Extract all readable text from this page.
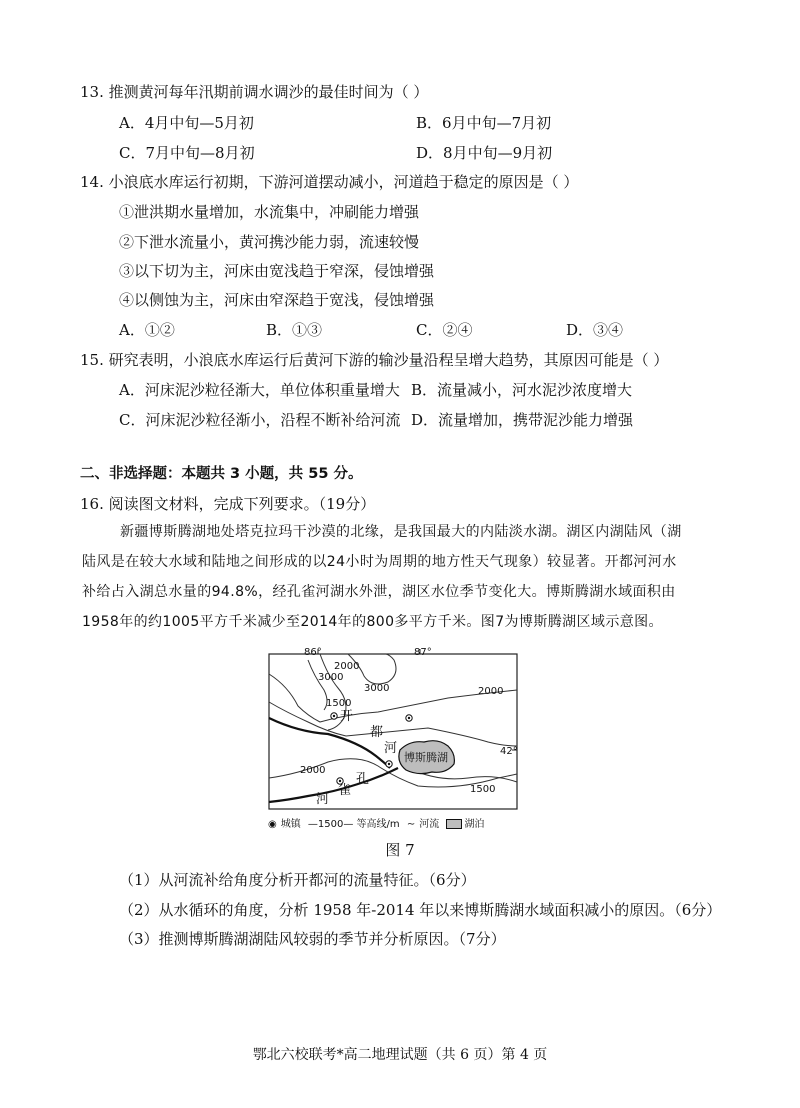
13. 推测黄河每年汛期前调水调沙的最佳时间为（ ）
A．4月中旬—5月初	B．6月中旬—7月初
C．7月中旬—8月初	D．8月中旬—9月初
14. 小浪底水库运行初期，下游河道摆动减小，河道趋于稳定的原因是（ ）
①泄洪期水量增加，水流集中，冲刷能力增强
②下泄水流量小，黄河携沙能力弱，流速较慢
③以下切为主，河床由宽浅趋于窄深，侵蚀增强
④以侧蚀为主，河床由窄深趋于宽浅，侵蚀增强
A．①②	B．①③	C．②④	D．③④
15. 研究表明，小浪底水库运行后黄河下游的输沙量沿程呈增大趋势，其原因可能是（ ）
A．河床泥沙粒径渐大，单位体积重量增大 B．流量减小，河水泥沙浓度增大
C．河床泥沙粒径渐小，沿程不断补给河流 D．流量增加，携带泥沙能力增强
二、非选择题：本题共 3 小题，共 55 分。
16. 阅读图文材料，完成下列要求。（19分）
新疆博斯腾湖地处塔克拉玛干沙漠的北缘，是我国最大的内陆淡水湖。湖区内湖陆风（湖
陆风是在较大水域和陆地之间形成的以24小时为周期的地方性天气现象）较显著。开都河河水
补给占入湖总水量的94.8%，经孔雀河湖水外泄，湖区水位季节变化大。博斯腾湖水域面积由
1958年的约1005平方千米减少至2014年的800多平方千米。图7为博斯腾湖区域示意图。
86°	87°
博斯腾湖
2000
3000
3000	2000
1500
2000
1500
42°
开
都
河
孔
雀
河
◉ 城镇 —1500— 等高线/m ∼ 河流	湖泊
图 7
（1）从河流补给角度分析开都河的流量特征。（6分）
（2）从水循环的角度，分析 1958 年-2014 年以来博斯腾湖水域面积减小的原因。（6分）
（3）推测博斯腾湖湖陆风较弱的季节并分析原因。（7分）
鄂北六校联考*高二地理试题（共 6 页）第 4 页
